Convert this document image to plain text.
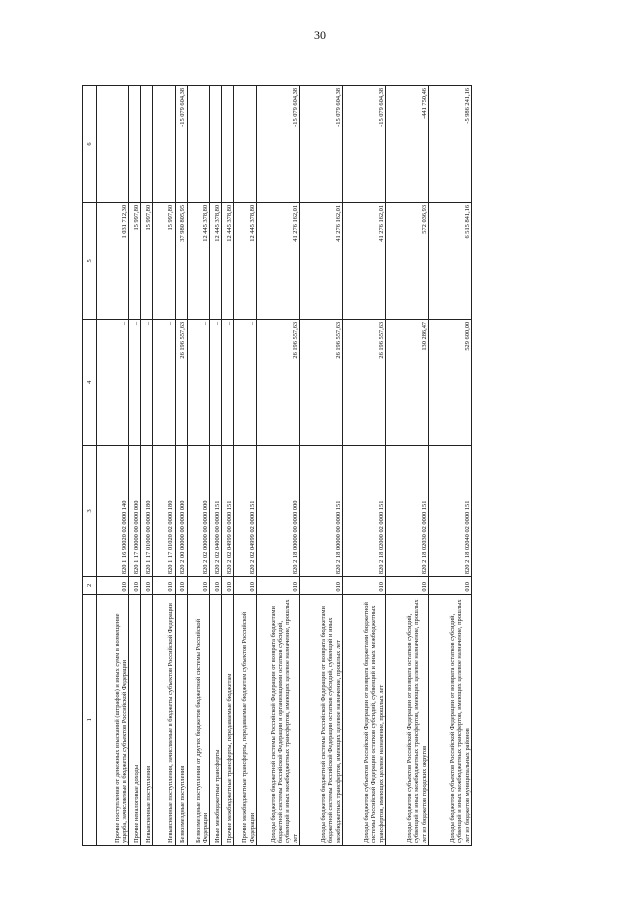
30
1	2	3	4	5	6
Прочие поступления от денежных взысканий (штрафов) и иных сумм в возмещение ущерба, зачисляемые в бюджеты субъектов Российской Федерации	010	820 1 16 90020 02 0000 140	–	1 031 712,30	
Прочие неналоговые доходы	010	820 1 17 00000 00 0000 000	–	15 997,80	
Невыясненные поступления	010	820 1 17 01000 00 0000 180	–	15 997,80	
Невыясненные поступления, зачисляемые в бюджеты субъектов Российской Федерации	010	820 1 17 01020 02 0000 180	–	15 997,80	
Безвозмездные поступления	010	820 2 00 00000 00 0000 000	26 196 557,63	37 980 805,95	-15 079 604,38
Безвозмездные поступления от других бюджетов бюджетной системы Российской Федерации	010	820 2 02 00000 00 0000 000	–	12 445 378,80	
Иные межбюджетные трансферты	010	820 2 02 04000 00 0000 151	–	12 445 378,80	
Прочие межбюджетные трансферты, передаваемые бюджетам	010	820 2 02 04999 00 0000 151	–	12 445 378,80	
Прочие межбюджетные трансферты, передаваемые бюджетам субъектов Российской Федерации	010	820 2 02 04999 02 0000 151	–	12 445 378,80	
Доходы бюджетов бюджетной системы Российской Федерации от возврата бюджетами бюджетной системы Российской Федерации и организациями остатков субсидий, субвенций и иных межбюджетных трансфертов, имеющих целевое назначение, прошлых лет	010	820 2 18 00000 00 0000 000	26 196 557,63	41 276 162,01	-15 079 604,38
Доходы бюджетов бюджетной системы Российской Федерации от возврата бюджетами бюджетной системы Российской Федерации остатков субсидий, субвенций и иных межбюджетных трансфертов, имеющих целевое назначение, прошлых лет	010	820 2 18 00000 00 0000 151	26 196 557,63	41 276 162,01	-15 079 604,38
Доходы бюджетов субъектов Российской Федерации от возврата бюджетами бюджетной системы Российской Федерации остатков субсидий, субвенций и иных межбюджетных трансфертов, имеющих целевое назначение, прошлых лет	010	820 2 18 02000 02 0000 151	26 196 557,63	41 276 162,01	-15 079 604,38
Доходы бюджетов субъектов Российской Федерации от возврата остатков субсидий, субвенций и иных межбюджетных трансфертов, имеющих целевое назначение, прошлых лет из бюджетов городских округов	010	820 2 18 02030 02 0000 151	130 286,47	572 036,93	-441 750,46
Доходы бюджетов субъектов Российской Федерации от возврата остатков субсидий, субвенций и иных межбюджетных трансфертов, имеющих целевое назначение, прошлых лет из бюджетов муниципальных районов	010	820 2 18 02040 02 0000 151	529 600,00	6 515 841,16	-5 986 241,16
